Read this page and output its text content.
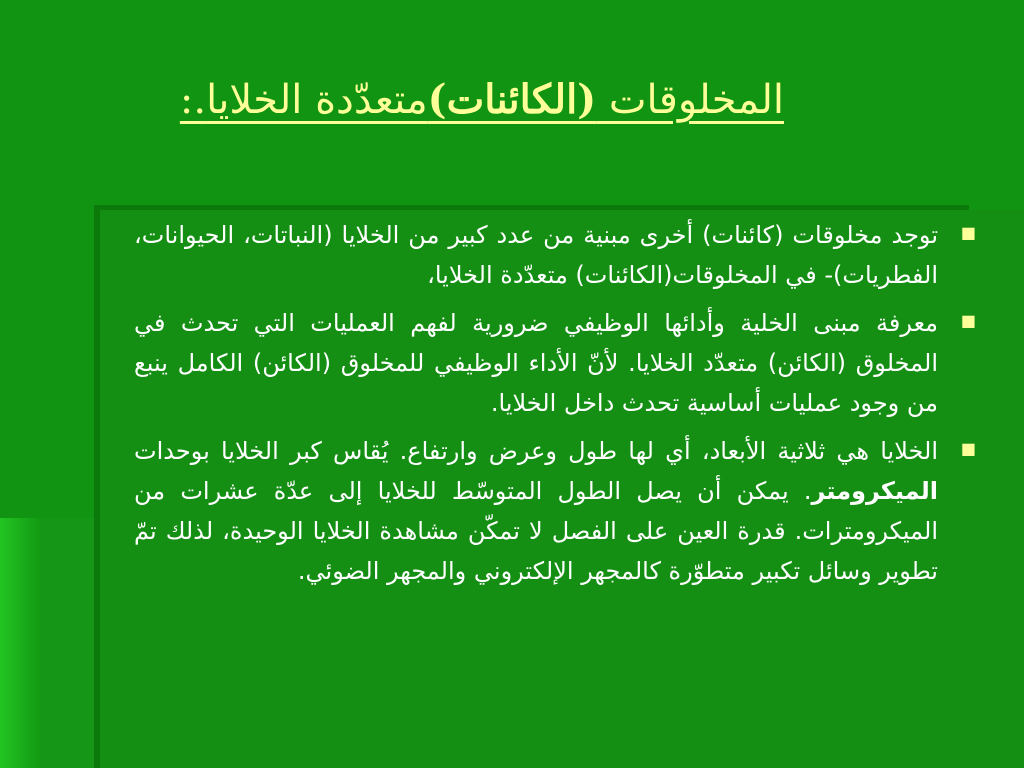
المخلوقات (الكائنات)متعدّدة الخلايا.:
■
توجد مخلوقات (كائنات) أخرى مبنية من عدد كبير من الخلايا (النباتات، الحيوانات، الفطريات)- في المخلوقات(الكائنات) متعدّدة الخلايا،
■
معرفة مبنى الخلية وأدائها الوظيفي ضرورية لفهم العمليات التي تحدث في المخلوق (الكائن) متعدّد الخلايا. لأنّ الأداء الوظيفي للمخلوق (الكائن) الكامل ينبع من وجود عمليات أساسية تحدث داخل الخلايا.
■
الخلايا هي ثلاثية الأبعاد، أي لها طول وعرض وارتفاع. يُقاس كبر الخلايا بوحدات الميكرومتر. يمكن أن يصل الطول المتوسّط للخلايا إلى عدّة عشرات من الميكرومترات. قدرة العين على الفصل لا تمكّن مشاهدة الخلايا الوحيدة، لذلك تمّ تطوير وسائل تكبير متطوّرة كالمجهر الإلكتروني والمجهر الضوئي.
